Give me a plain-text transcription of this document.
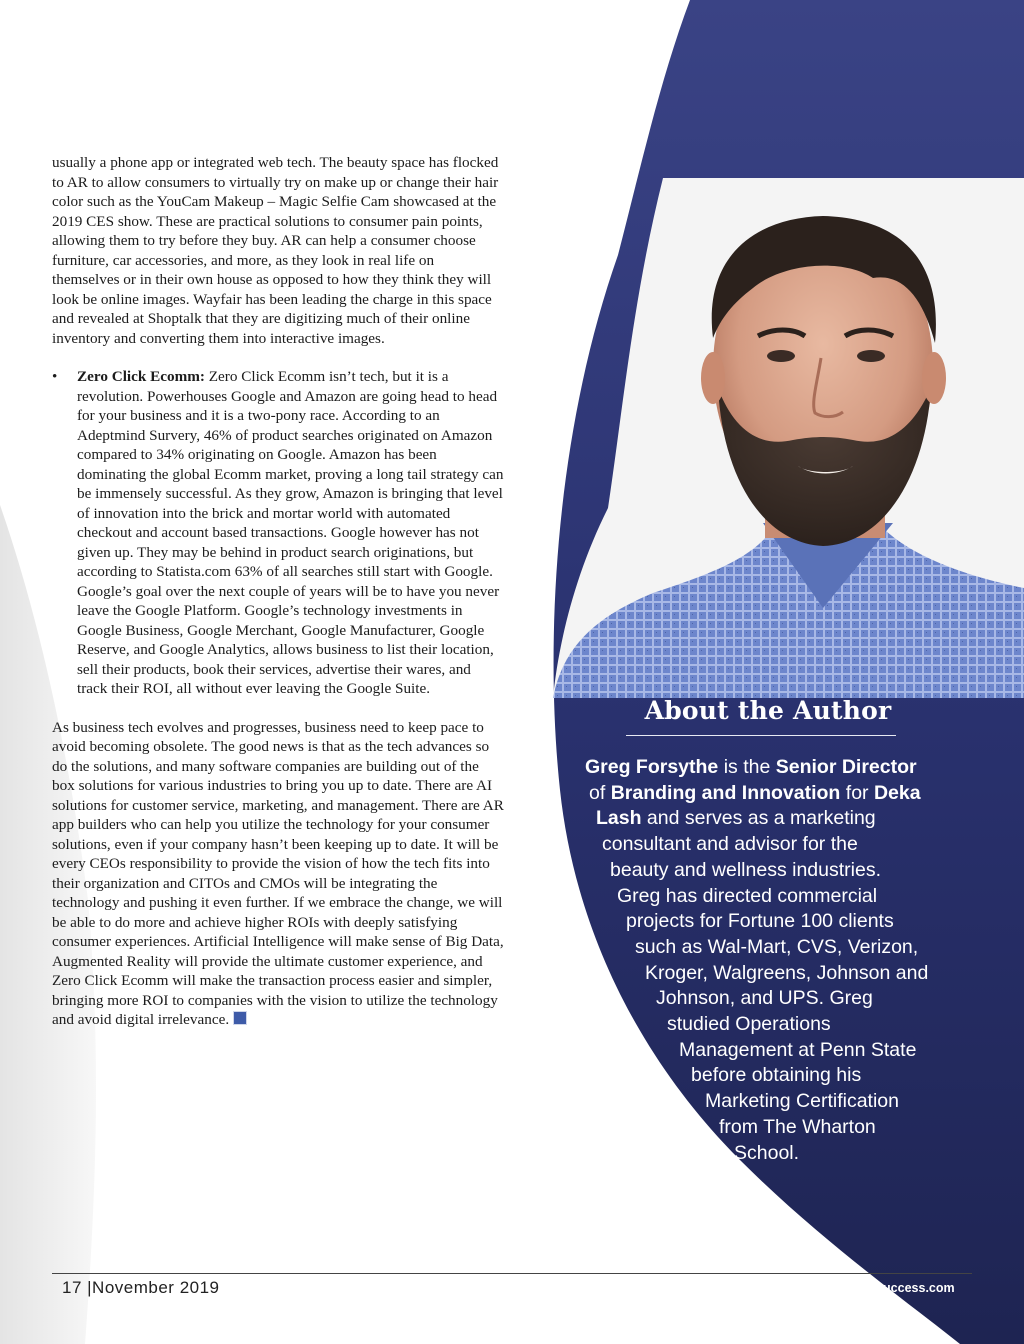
usually a phone app or integrated web tech. The beauty space has flocked to AR to allow consumers to virtually try on make up or change their hair color such as the YouCam Makeup – Magic Selfie Cam showcased at the 2019 CES show. These are practical solutions to consumer pain points, allowing them to try before they buy. AR can help a consumer choose furniture, car accessories, and more, as they look in real life on themselves or in their own house as opposed to how they think they will look be online images. Wayfair has been leading the charge in this space and revealed at Shoptalk that they are digitizing much of their online inventory and converting them into interactive images.

• Zero Click Ecomm: Zero Click Ecomm isn’t tech, but it is a revolution. Powerhouses Google and Amazon are going head to head for your business and it is a two-pony race. According to an Adeptmind Survery, 46% of product searches originated on Amazon compared to 34% originating on Google. Amazon has been dominating the global Ecomm market, proving a long tail strategy can be immensely successful. As they grow, Amazon is bringing that level of innovation into the brick and mortar world with automated checkout and account based transactions. Google however has not given up. They may be behind in product search originations, but according to Statista.com 63% of all searches still start with Google. Google’s goal over the next couple of years will be to have you never leave the Google Platform. Google’s technology investments in Google Business, Google Merchant, Google Manufacturer, Google Reserve, and Google Analytics, allows business to list their location, sell their products, book their services, advertise their wares, and track their ROI, all without ever leaving the Google Suite.

As business tech evolves and progresses, business need to keep pace to avoid becoming obsolete. The good news is that as the tech advances so do the solutions, and many software companies are building out of the box solutions for various industries to bring you up to date. There are AI solutions for customer service, marketing, and management. There are AR app builders who can help you utilize the technology for your consumer solutions, even if your company hasn’t been keeping up to date. It will be every CEOs responsibility to provide the vision of how the tech fits into their organization and CITOs and CMOs will be integrating the technology and pushing it even further. If we embrace the change, we will be able to do more and achieve higher ROIs with deeply satisfying consumer experiences. Artificial Intelligence will make sense of Big Data, Augmented Reality will provide the ultimate customer experience, and Zero Click Ecomm will make the transaction process easier and simpler, bringing more ROI to companies with the vision to utilize the technology and avoid digital irrelevance.

About the Author
Greg Forsythe is the Senior Director
of Branding and Innovation for Deka
Lash and serves as a marketing
consultant and advisor for the
beauty and wellness industries.
Greg has directed commercial
projects for Fortune 100 clients
such as Wal-Mart, CVS, Verizon,
Kroger, Walgreens, Johnson and
Johnson, and UPS. Greg
studied Operations
Management at Penn State
before obtaining his
Marketing Certification
from The Wharton
School.
17 |November 2019	www.insightssuccess.com
